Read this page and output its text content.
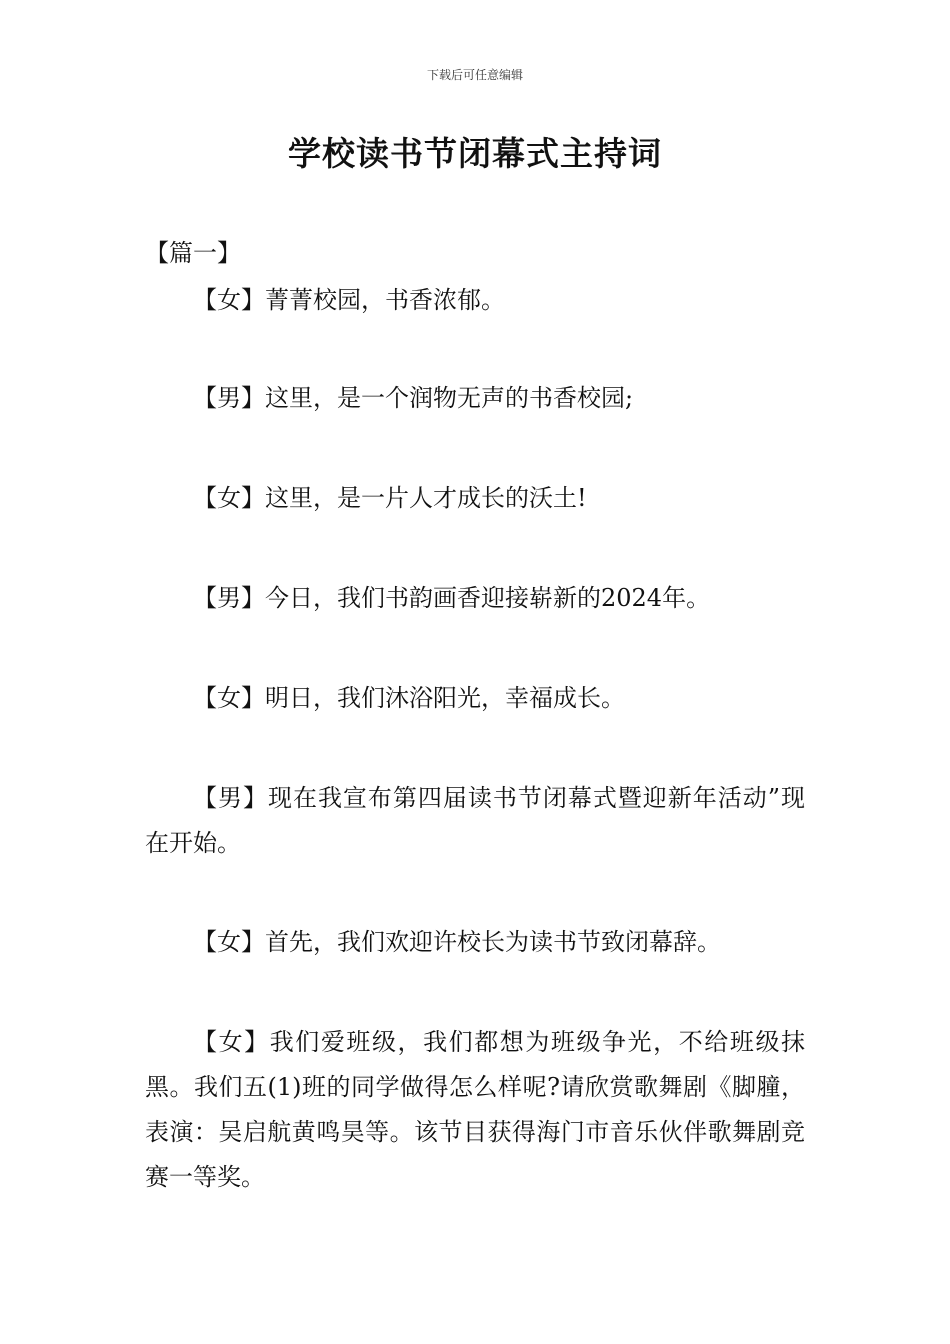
下载后可任意编辑
学校读书节闭幕式主持词
【篇一】

【女】菁菁校园，书香浓郁。

【男】这里，是一个润物无声的书香校园;

【女】这里，是一片人才成长的沃土!

【男】今日，我们书韵画香迎接崭新的2024年。

【女】明日，我们沐浴阳光，幸福成长。

【男】现在我宣布第四届读书节闭幕式暨迎新年活动”现在开始。

【女】首先，我们欢迎许校长为读书节致闭幕辞。

【女】我们爱班级，我们都想为班级争光，不给班级抹黑。我们五(1)班的同学做得怎么样呢?请欣赏歌舞剧《脚膧，表演：吴启航黄鸣昊等。该节目获得海门市音乐伙伴歌舞剧竞赛一等奖。
